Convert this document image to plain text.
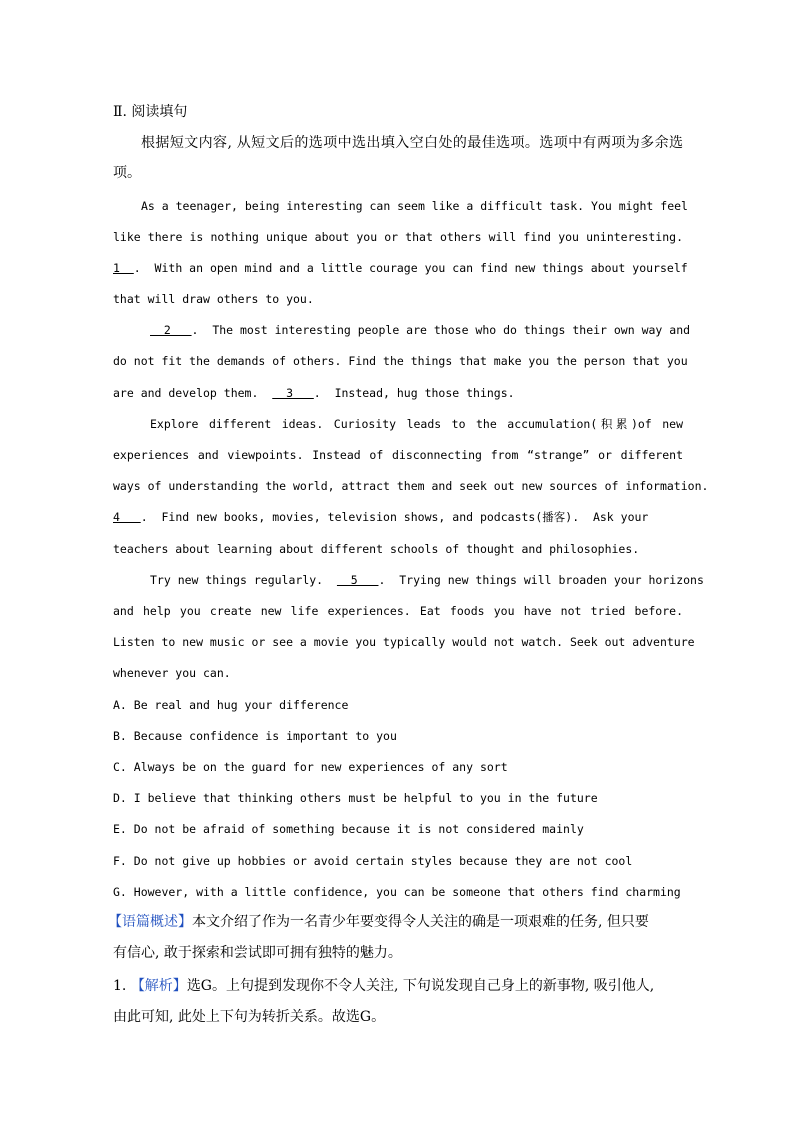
Ⅱ. 阅读填句
根据短文内容, 从短文后的选项中选出填入空白处的最佳选项。选项中有两项为多余选
项。
As a teenager, being interesting can seem like a difficult task. You might feel
like there is nothing unique about you or that others will find you uninteresting.
1  .  With an open mind and a little courage you can find new things about yourself
that will draw others to you.
2   .  The most interesting people are those who do things their own way and
do not fit the demands of others. Find the things that make you the person that you
are and develop them.    3   .  Instead, hug those things.
Explore different ideas. Curiosity leads to the accumulation(积累)of new
experiences and viewpoints. Instead of disconnecting from “strange” or different
ways of understanding the world, attract them and seek out new sources of information.
4   .  Find new books, movies, television shows, and podcasts(播客).  Ask your
teachers about learning about different schools of thought and philosophies.
Try new things regularly.    5   .  Trying new things will broaden your horizons
and help you create new life experiences. Eat foods you have not tried before.
Listen to new music or see a movie you typically would not watch. Seek out adventure
whenever you can.
A. Be real and hug your difference
B. Because confidence is important to you
C. Always be on the guard for new experiences of any sort
D. I believe that thinking others must be helpful to you in the future
E. Do not be afraid of something because it is not considered mainly
F. Do not give up hobbies or avoid certain styles because they are not cool
G. However, with a little confidence, you can be someone that others find charming
【语篇概述】本文介绍了作为一名青少年要变得令人关注的确是一项艰难的任务, 但只要
有信心, 敢于探索和尝试即可拥有独特的魅力。
1. 【解析】选G。上句提到发现你不令人关注, 下句说发现自己身上的新事物, 吸引他人,
由此可知, 此处上下句为转折关系。故选G。
